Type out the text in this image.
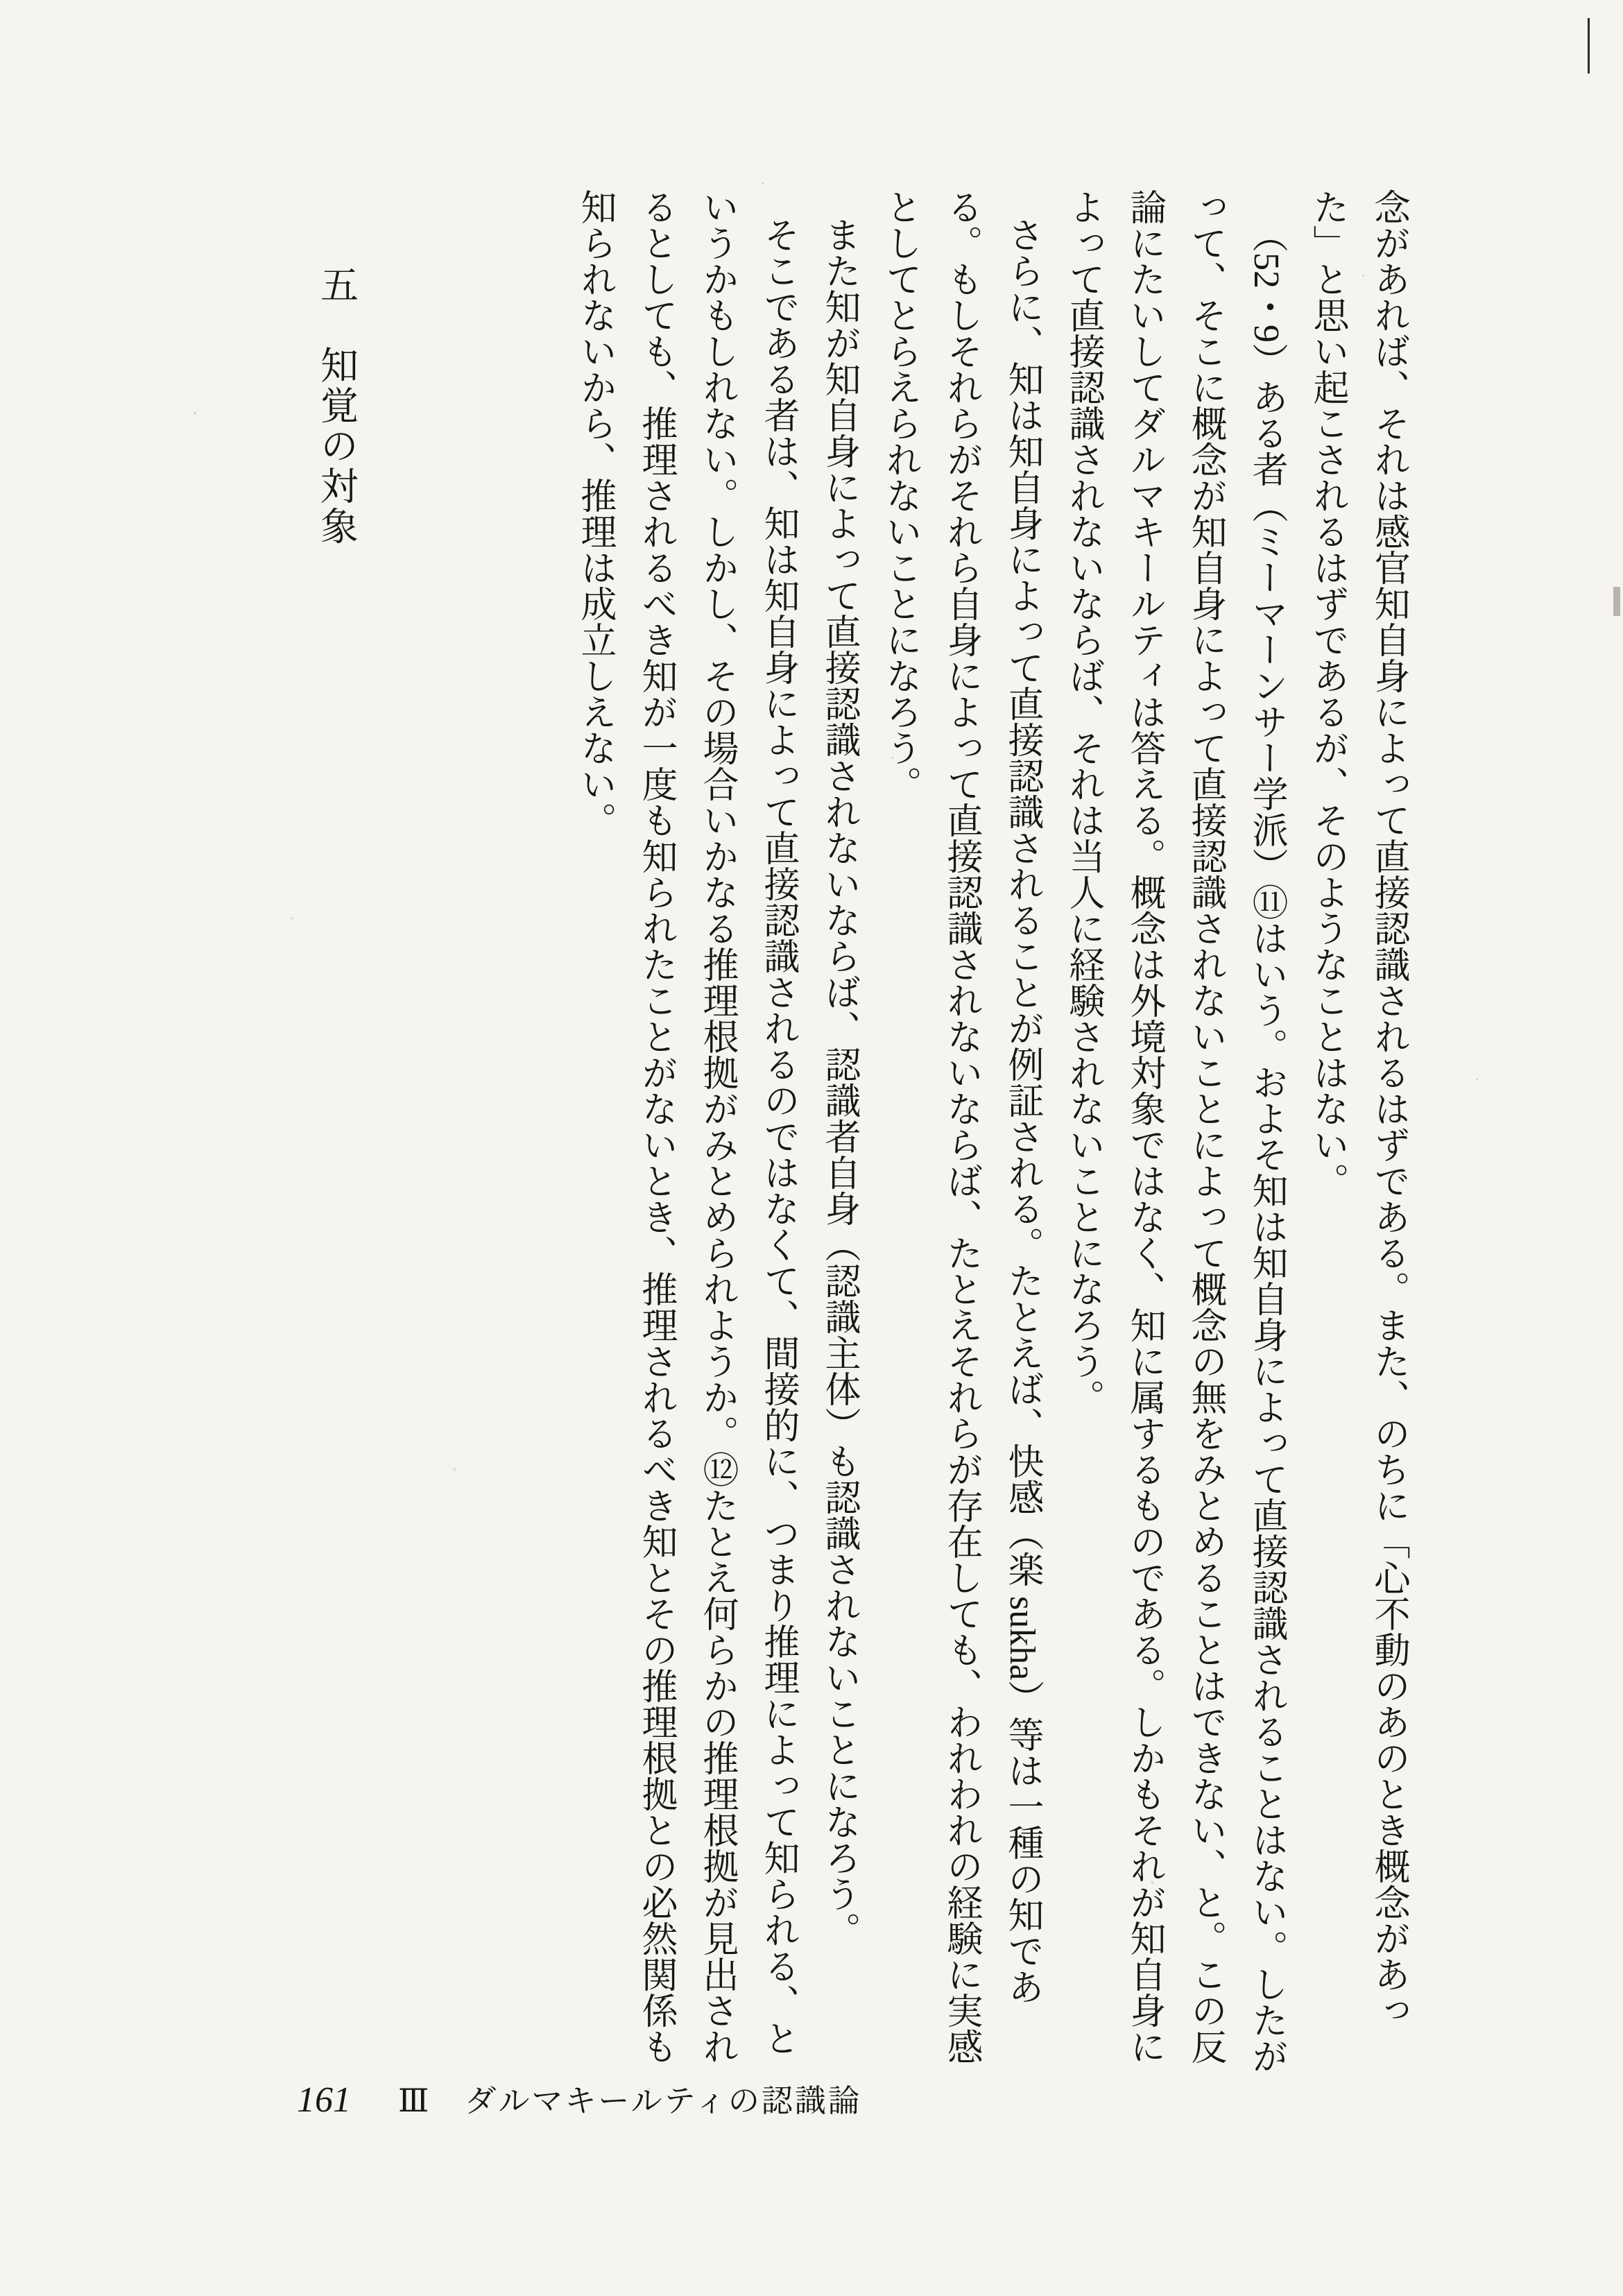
念があれば、それは感官知自身によって直接認識されるはずである。また、のちに「心不動のあのとき概念があった」と思い起こされるはずであるが、そのようなことはない。

（52・9）ある者（ミーマーンサー学派）⑪はいう。およそ知は知自身によって直接認識されることはない。したがって、そこに概念が知自身によって直接認識されないことによって概念の無をみとめることはできない、と。この反論にたいしてダルマキールティは答える。概念は外境対象ではなく、知に属するものである。しかもそれが知自身によって直接認識されないならば、それは当人に経験されないことになろう。

さらに、知は知自身によって直接認識されることが例証される。たとえば、快感（楽 sukha）等は一種の知である。もしそれらがそれら自身によって直接認識されないならば、たとえそれらが存在しても、われわれの経験に実感としてとらえられないことになろう。

また知が知自身によって直接認識されないならば、認識者自身（認識主体）も認識されないことになろう。

そこである者は、知は知自身によって直接認識されるのではなくて、間接的に、つまり推理によって知られる、というかもしれない。しかし、その場合いかなる推理根拠がみとめられようか。⑫たとえ何らかの推理根拠が見出されるとしても、推理されるべき知が一度も知られたことがないとき、推理されるべき知とその推理根拠との必然関係も知られないから、推理は成立しえない。

五　知覚の対象
161 Ⅲ ダルマキールティの認識論
